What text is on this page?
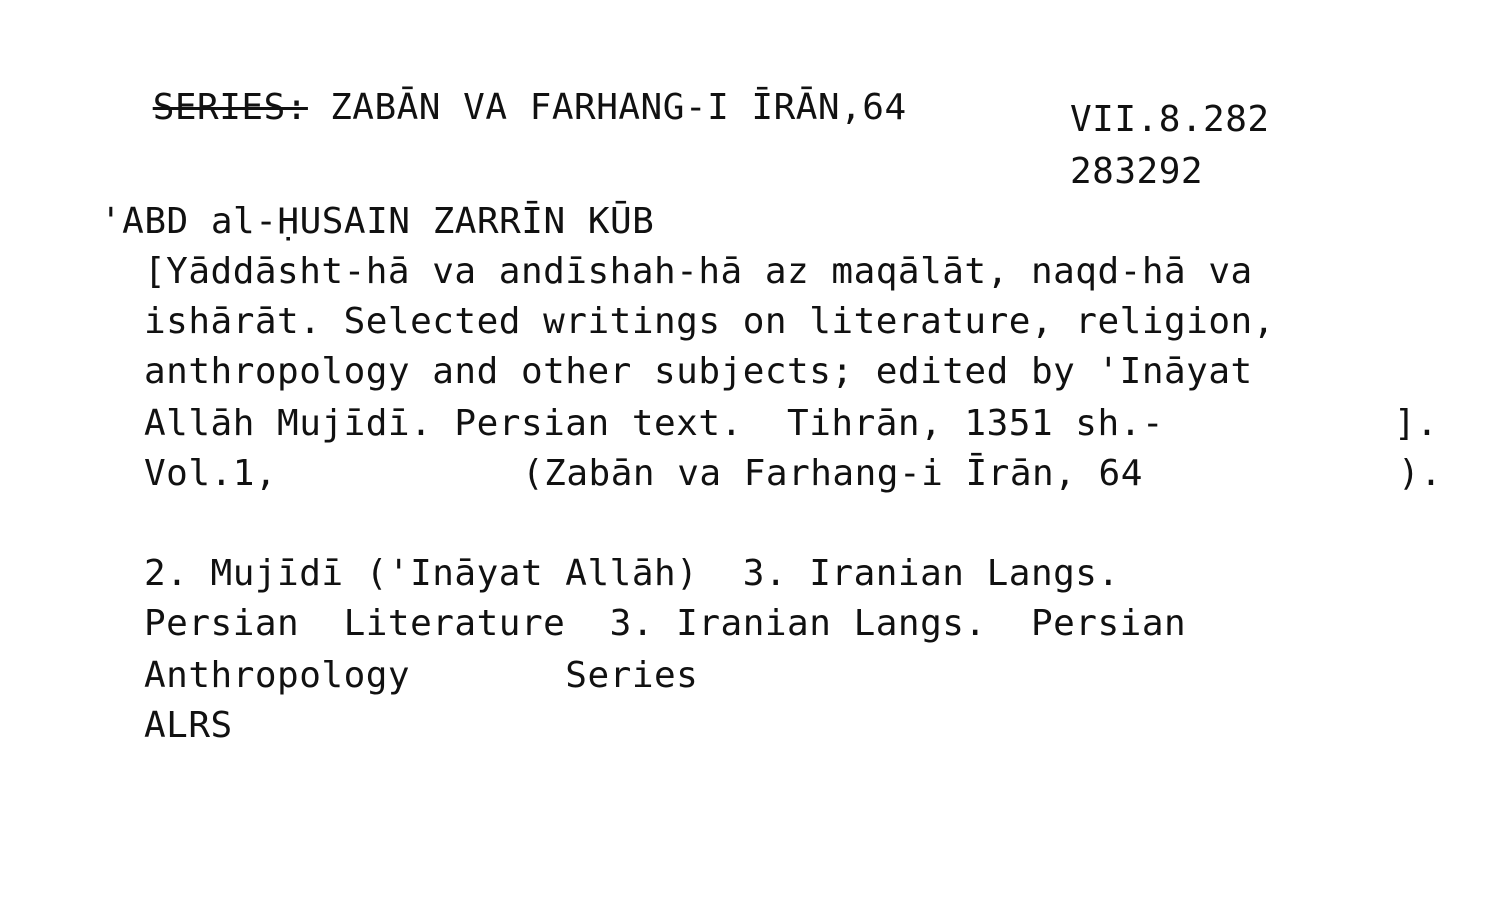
SERIES: ZABĀN VA FARHANG-I ĪRĀN,64
	VII.8.282
283292
'ABD al-ḤUSAIN ZARRĪN KŪB
[Yāddāsht-hā va andīshah-hā az maqālāt, naqd-hā va
ishārāt. Selected writings on literature, religion,
anthropology and other subjects; edited by 'Ināyat
Allāh Mujīdī. Persian text.  Tihrān, 1351 sh.-	].
Vol.1,	(Zabān va Farhang-i Īrān, 64	).
2. Mujīdī ('Ināyat Allāh)  3. Iranian Langs.
Persian  Literature  3. Iranian Langs.  Persian
Anthropology       Series
ALRS
